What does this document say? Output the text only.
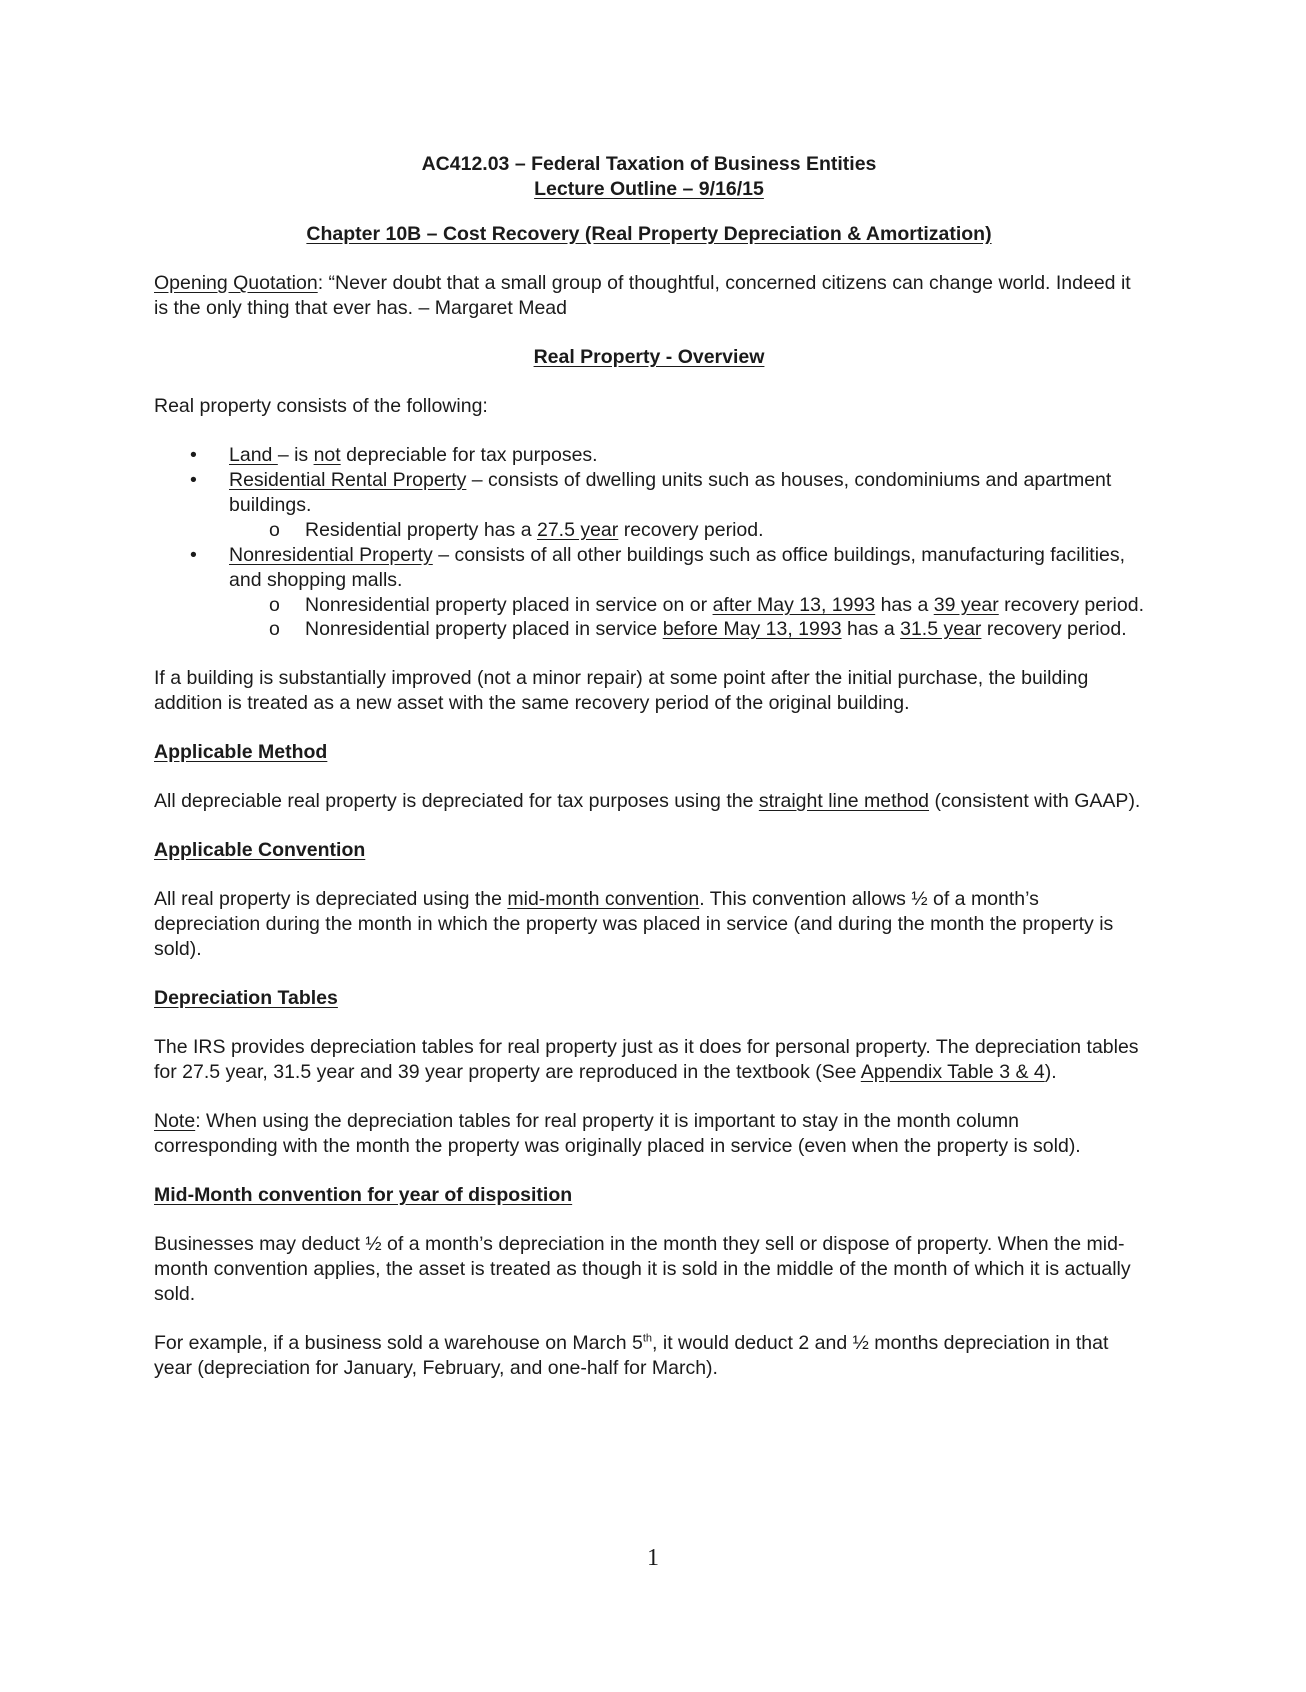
AC412.03 – Federal Taxation of Business Entities

Lecture Outline – 9/16/15

Chapter 10B – Cost Recovery (Real Property Depreciation & Amortization)

Opening Quotation: “Never doubt that a small group of thoughtful, concerned citizens can change world. Indeed it is the only thing that ever has. – Margaret Mead

Real Property - Overview

Real property consists of the following:

• Land – is not depreciable for tax purposes.
• Residential Rental Property – consists of dwelling units such as houses, condominiums and apartment buildings.
o Residential property has a 27.5 year recovery period.
• Nonresidential Property – consists of all other buildings such as office buildings, manufacturing facilities, and shopping malls.
o Nonresidential property placed in service on or after May 13, 1993 has a 39 year recovery period.
o Nonresidential property placed in service before May 13, 1993 has a 31.5 year recovery period.

If a building is substantially improved (not a minor repair) at some point after the initial purchase, the building addition is treated as a new asset with the same recovery period of the original building.

Applicable Method

All depreciable real property is depreciated for tax purposes using the straight line method (consistent with GAAP).

Applicable Convention

All real property is depreciated using the mid-month convention. This convention allows ½ of a month’s depreciation during the month in which the property was placed in service (and during the month the property is sold).

Depreciation Tables

The IRS provides depreciation tables for real property just as it does for personal property. The depreciation tables for 27.5 year, 31.5 year and 39 year property are reproduced in the textbook (See Appendix Table 3 & 4).

Note: When using the depreciation tables for real property it is important to stay in the month column corresponding with the month the property was originally placed in service (even when the property is sold).

Mid-Month convention for year of disposition

Businesses may deduct ½ of a month’s depreciation in the month they sell or dispose of property. When the mid-month convention applies, the asset is treated as though it is sold in the middle of the month of which it is actually sold.

For example, if a business sold a warehouse on March 5th, it would deduct 2 and ½ months depreciation in that year (depreciation for January, February, and one-half for March).

1
